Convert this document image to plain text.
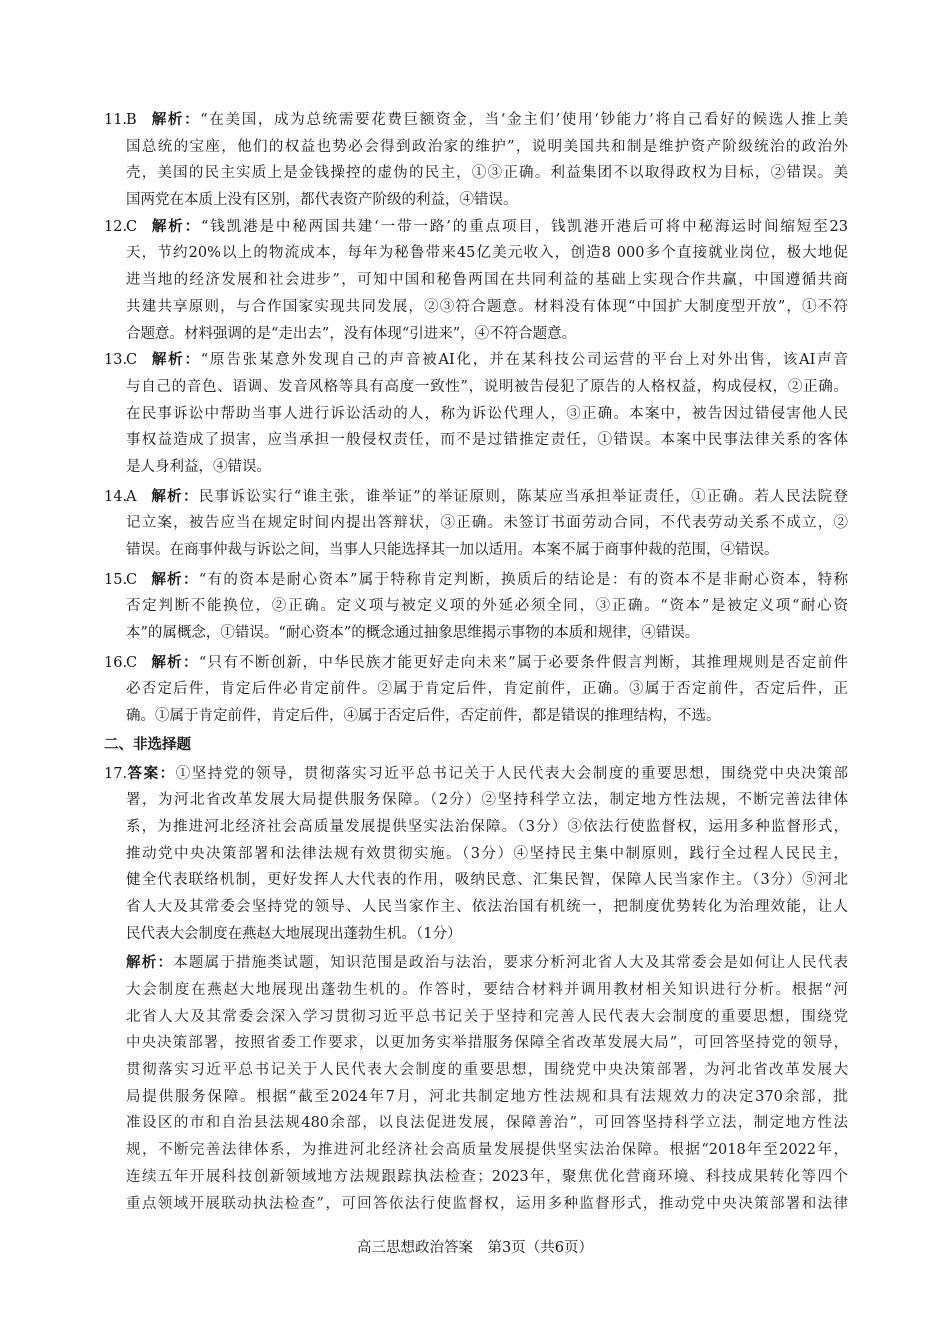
11.B 解析：“在美国，成为总统需要花费巨额资金，当‘金主们’使用‘钞能力’将自己看好的候选人推上美
国总统的宝座，他们的权益也势必会得到政治家的维护”，说明美国共和制是维护资产阶级统治的政治外
壳，美国的民主实质上是金钱操控的虚伪的民主，①③正确。利益集团不以取得政权为目标，②错误。美
国两党在本质上没有区别，都代表资产阶级的利益，④错误。
12.C 解析：“钱凯港是中秘两国共建‘一带一路’的重点项目，钱凯港开港后可将中秘海运时间缩短至23
天，节约20%以上的物流成本，每年为秘鲁带来45亿美元收入，创造8 000多个直接就业岗位，极大地促
进当地的经济发展和社会进步”，可知中国和秘鲁两国在共同利益的基础上实现合作共赢，中国遵循共商
共建共享原则，与合作国家实现共同发展，②③符合题意。材料没有体现“中国扩大制度型开放”，①不符
合题意。材料强调的是“走出去”，没有体现“引进来”，④不符合题意。
13.C 解析：“原告张某意外发现自己的声音被AI化，并在某科技公司运营的平台上对外出售，该AI声音
与自己的音色、语调、发音风格等具有高度一致性”，说明被告侵犯了原告的人格权益，构成侵权，②正确。
在民事诉讼中帮助当事人进行诉讼活动的人，称为诉讼代理人，③正确。本案中，被告因过错侵害他人民
事权益造成了损害，应当承担一般侵权责任，而不是过错推定责任，①错误。本案中民事法律关系的客体
是人身利益，④错误。
14.A 解析：民事诉讼实行“谁主张，谁举证”的举证原则，陈某应当承担举证责任，①正确。若人民法院登
记立案，被告应当在规定时间内提出答辩状，③正确。未签订书面劳动合同，不代表劳动关系不成立，②
错误。在商事仲裁与诉讼之间，当事人只能选择其一加以适用。本案不属于商事仲裁的范围，④错误。
15.C 解析：“有的资本是耐心资本”属于特称肯定判断，换质后的结论是：有的资本不是非耐心资本，特称
否定判断不能换位，②正确。定义项与被定义项的外延必须全同，③正确。“资本”是被定义项“耐心资
本”的属概念，①错误。“耐心资本”的概念通过抽象思维揭示事物的本质和规律，④错误。
16.C 解析：“只有不断创新，中华民族才能更好走向未来”属于必要条件假言判断，其推理规则是否定前件
必否定后件，肯定后件必肯定前件。②属于肯定后件，肯定前件，正确。③属于否定前件，否定后件，正
确。①属于肯定前件，肯定后件，④属于否定后件，否定前件，都是错误的推理结构，不选。
二、非选择题
17.答案：①坚持党的领导，贯彻落实习近平总书记关于人民代表大会制度的重要思想，围绕党中央决策部
署，为河北省改革发展大局提供服务保障。（2分）②坚持科学立法，制定地方性法规，不断完善法律体
系，为推进河北经济社会高质量发展提供坚实法治保障。（3分）③依法行使监督权，运用多种监督形式，
推动党中央决策部署和法律法规有效贯彻实施。（3分）④坚持民主集中制原则，践行全过程人民民主，
健全代表联络机制，更好发挥人大代表的作用，吸纳民意、汇集民智，保障人民当家作主。（3分）⑤河北
省人大及其常委会坚持党的领导、人民当家作主、依法治国有机统一，把制度优势转化为治理效能，让人
民代表大会制度在燕赵大地展现出蓬勃生机。（1分）
解析：本题属于措施类试题，知识范围是政治与法治，要求分析河北省人大及其常委会是如何让人民代表
大会制度在燕赵大地展现出蓬勃生机的。作答时，要结合材料并调用教材相关知识进行分析。根据“河
北省人大及其常委会深入学习贯彻习近平总书记关于坚持和完善人民代表大会制度的重要思想，围绕党
中央决策部署，按照省委工作要求，以更加务实举措服务保障全省改革发展大局”，可回答坚持党的领导，
贯彻落实习近平总书记关于人民代表大会制度的重要思想，围绕党中央决策部署，为河北省改革发展大
局提供服务保障。根据“截至2024年7月，河北共制定地方性法规和具有法规效力的决定370余部，批
准设区的市和自治县法规480余部，以良法促进发展，保障善治”，可回答坚持科学立法，制定地方性法
规，不断完善法律体系，为推进河北经济社会高质量发展提供坚实法治保障。根据“2018年至2022年，
连续五年开展科技创新领域地方法规跟踪执法检查；2023年，聚焦优化营商环境、科技成果转化等四个
重点领域开展联动执法检查”，可回答依法行使监督权，运用多种监督形式，推动党中央决策部署和法律
高三思想政治答案　第3页（共6页）
